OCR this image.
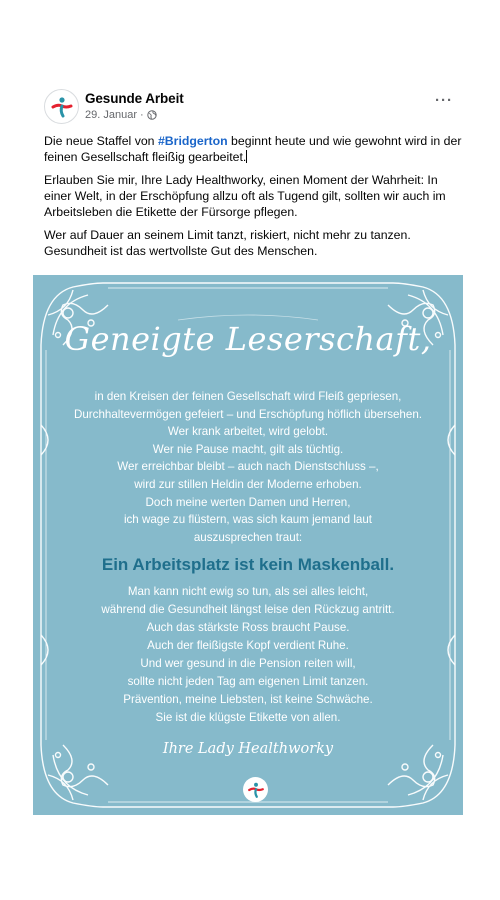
Gesunde Arbeit
29. Januar ·
···

Die neue Staffel von #Bridgerton beginnt heute und wie gewohnt wird in der feinen Gesellschaft fleißig gearbeitet.

Erlauben Sie mir, Ihre Lady Healthworky, einen Moment der Wahrheit: In einer Welt, in der Erschöpfung allzu oft als Tugend gilt, sollten wir auch im Arbeitsleben die Etikette der Fürsorge pflegen.

Wer auf Dauer an seinem Limit tanzt, riskiert, nicht mehr zu tanzen. Gesundheit ist das wertvollste Gut des Menschen.

Geneigte Leserschaft,
in den Kreisen der feinen Gesellschaft wird Fleiß gepriesen,
Durchhaltevermögen gefeiert – und Erschöpfung höflich übersehen.
Wer krank arbeitet, wird gelobt.
Wer nie Pause macht, gilt als tüchtig.
Wer erreichbar bleibt – auch nach Dienstschluss –,
wird zur stillen Heldin der Moderne erhoben.
Doch meine werten Damen und Herren,
ich wage zu flüstern, was sich kaum jemand laut
auszusprechen traut:
Ein Arbeitsplatz ist kein Maskenball.
Man kann nicht ewig so tun, als sei alles leicht,
während die Gesundheit längst leise den Rückzug antritt.
Auch das stärkste Ross braucht Pause.
Auch der fleißigste Kopf verdient Ruhe.
Und wer gesund in die Pension reiten will,
sollte nicht jeden Tag am eigenen Limit tanzen.
Prävention, meine Liebsten, ist keine Schwäche.
Sie ist die klügste Etikette von allen.
Ihre Lady Healthworky
